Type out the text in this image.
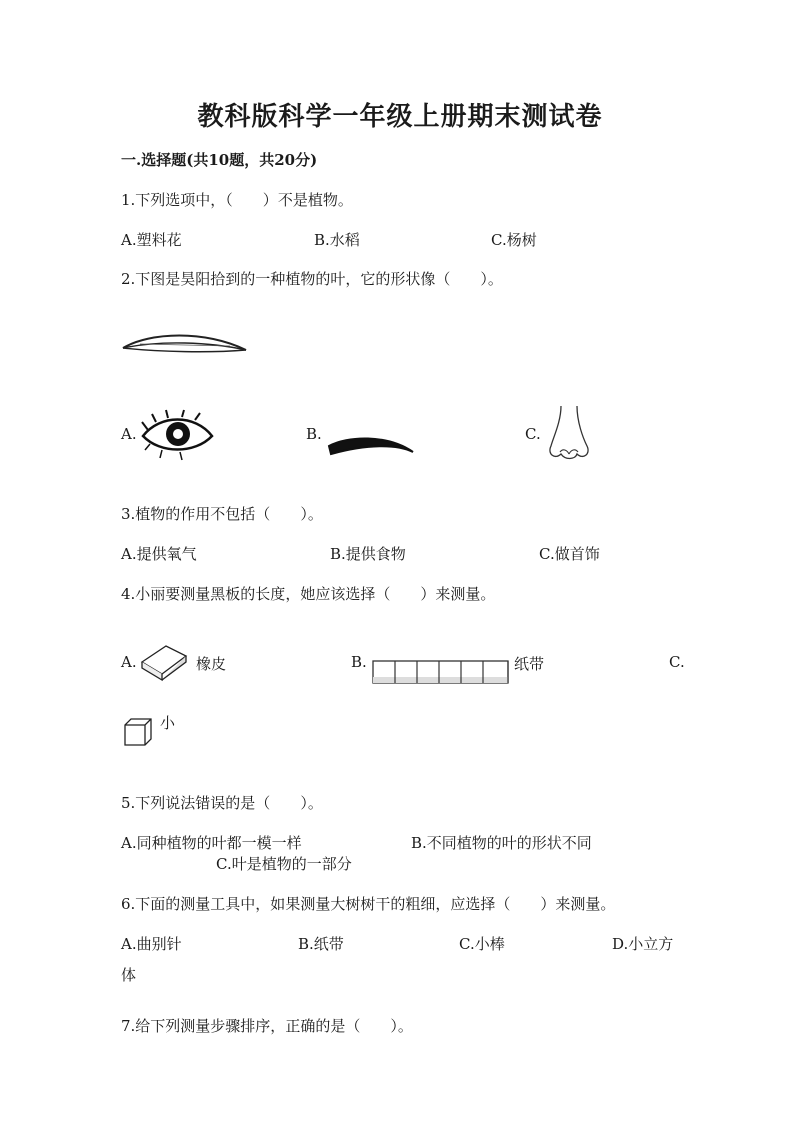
教科版科学一年级上册期末测试卷
一.选择题(共10题，共20分)
1.下列选项中，（　　）不是植物。
A.塑料花	B.水稻	C.杨树
2.下图是昊阳拾到的一种植物的叶，它的形状像（　　）。
A.	B.	C.
3.植物的作用不包括（　　）。
A.提供氧气	B.提供食物	C.做首饰
4.小丽要测量黑板的长度，她应该选择（　　）来测量。
A.	橡皮	B.	纸带	C.
小
5.下列说法错误的是（　　）。
A.同种植物的叶都一模一样	B.不同植物的叶的形状不同
C.叶是植物的一部分
6.下面的测量工具中，如果测量大树树干的粗细，应选择（　　）来测量。
A.曲别针	B.纸带	C.小棒	D.小立方
体
7.给下列测量步骤排序，正确的是（　　）。
